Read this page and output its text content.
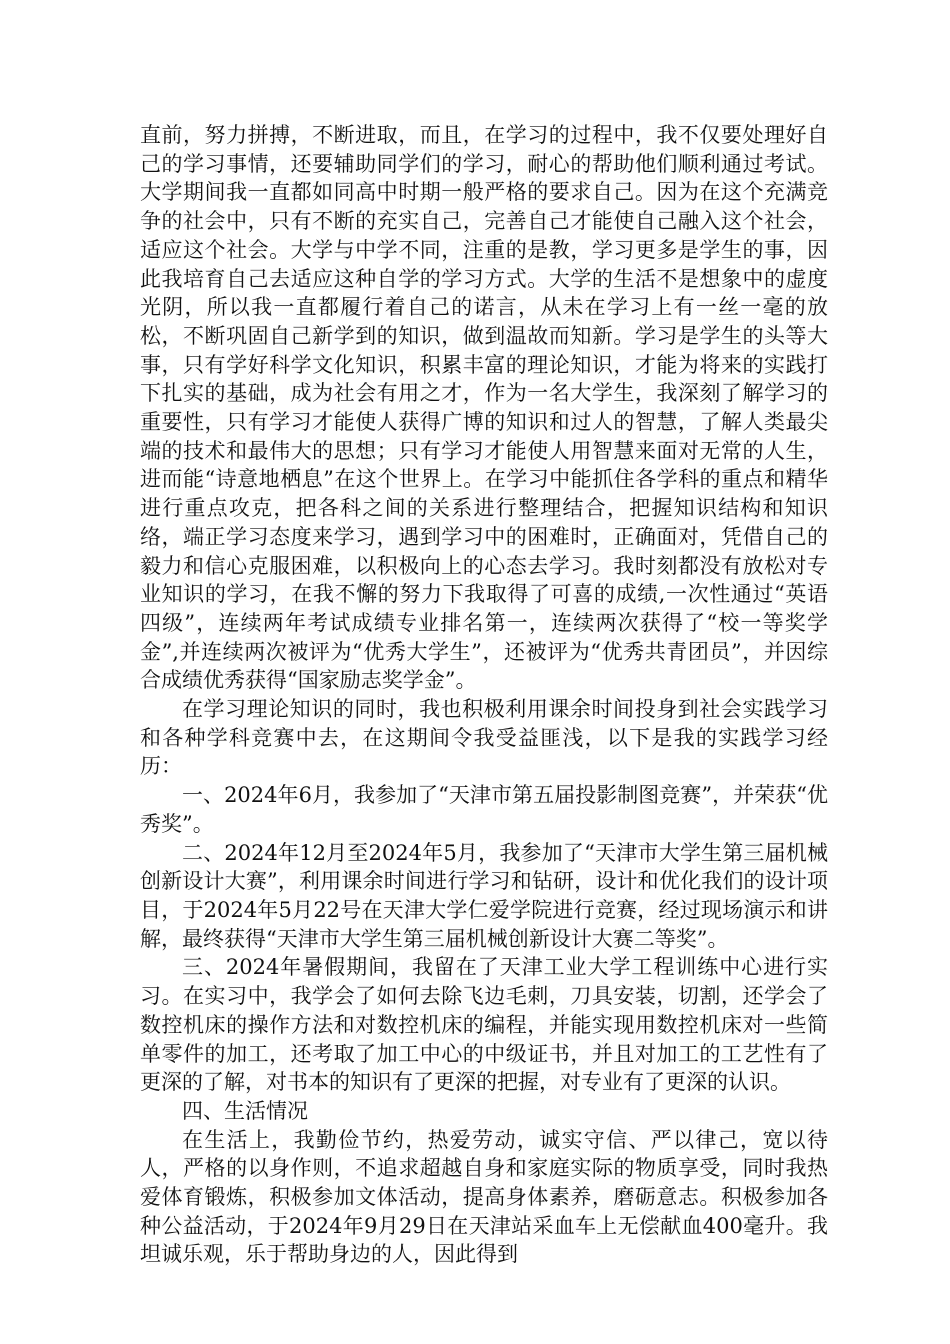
直前，努力拼搏，不断进取，而且，在学习的过程中，我不仅要处理好自己的学习事情，还要辅助同学们的学习，耐心的帮助他们顺利通过考试。大学期间我一直都如同高中时期一般严格的要求自己。因为在这个充满竞争的社会中，只有不断的充实自己，完善自己才能使自己融入这个社会，适应这个社会。大学与中学不同，注重的是教，学习更多是学生的事，因此我培育自己去适应这种自学的学习方式。大学的生活不是想象中的虚度光阴，所以我一直都履行着自己的诺言，从未在学习上有一丝一毫的放松，不断巩固自己新学到的知识，做到温故而知新。学习是学生的头等大事，只有学好科学文化知识，积累丰富的理论知识，才能为将来的实践打下扎实的基础，成为社会有用之才，作为一名大学生，我深刻了解学习的重要性，只有学习才能使人获得广博的知识和过人的智慧，了解人类最尖端的技术和最伟大的思想；只有学习才能使人用智慧来面对无常的人生，进而能“诗意地栖息”在这个世界上。在学习中能抓住各学科的重点和精华进行重点攻克，把各科之间的关系进行整理结合，把握知识结构和知识络，端正学习态度来学习，遇到学习中的困难时，正确面对，凭借自己的毅力和信心克服困难，以积极向上的心态去学习。我时刻都没有放松对专业知识的学习，在我不懈的努力下我取得了可喜的成绩,一次性通过“英语四级”，连续两年考试成绩专业排名第一，连续两次获得了“校一等奖学金”,并连续两次被评为“优秀大学生”，还被评为“优秀共青团员”，并因综合成绩优秀获得“国家励志奖学金”。

在学习理论知识的同时，我也积极利用课余时间投身到社会实践学习和各种学科竞赛中去，在这期间令我受益匪浅，以下是我的实践学习经历：

一、2024年6月，我参加了“天津市第五届投影制图竞赛”，并荣获“优秀奖”。

二、2024年12月至2024年5月，我参加了“天津市大学生第三届机械创新设计大赛”，利用课余时间进行学习和钻研，设计和优化我们的设计项目，于2024年5月22号在天津大学仁爱学院进行竞赛，经过现场演示和讲解，最终获得“天津市大学生第三届机械创新设计大赛二等奖”。

三、2024年暑假期间，我留在了天津工业大学工程训练中心进行实习。在实习中，我学会了如何去除飞边毛刺，刀具安装，切割，还学会了数控机床的操作方法和对数控机床的编程，并能实现用数控机床对一些简单零件的加工，还考取了加工中心的中级证书，并且对加工的工艺性有了更深的了解，对书本的知识有了更深的把握，对专业有了更深的认识。

四、生活情况

在生活上，我勤俭节约，热爱劳动，诚实守信、严以律己，宽以待人，严格的以身作则，不追求超越自身和家庭实际的物质享受，同时我热爱体育锻炼，积极参加文体活动，提高身体素养，磨砺意志。积极参加各种公益活动，于2024年9月29日在天津站采血车上无偿献血400毫升。我坦诚乐观，乐于帮助身边的人，因此得到
